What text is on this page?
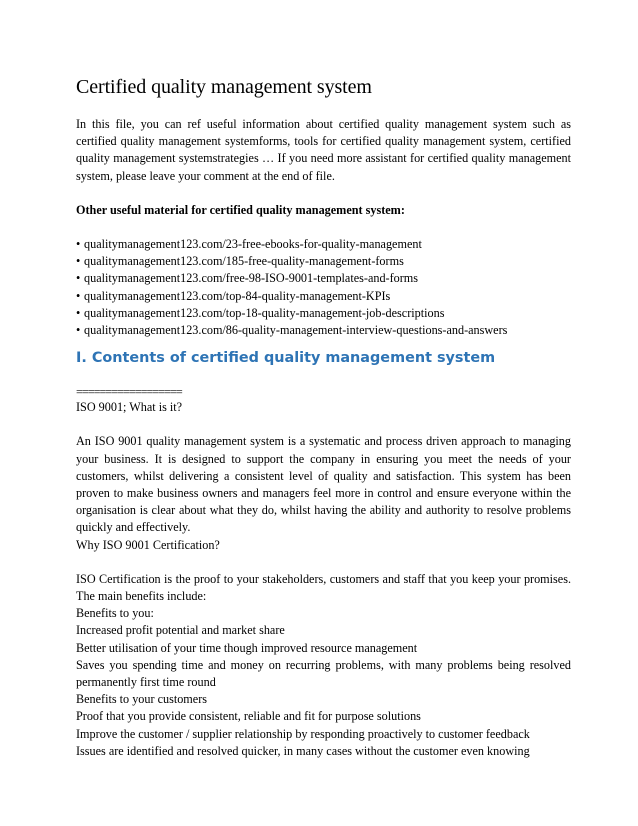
Certified quality management system

In this file, you can ref useful information about certified quality management system such as certified quality management systemforms, tools for certified quality management system, certified quality management systemstrategies … If you need more assistant for certified quality management system, please leave your comment at the end of file.

Other useful material for certified quality management system:

• qualitymanagement123.com/23-free-ebooks-for-quality-management
• qualitymanagement123.com/185-free-quality-management-forms
• qualitymanagement123.com/free-98-ISO-9001-templates-and-forms
• qualitymanagement123.com/top-84-quality-management-KPIs
• qualitymanagement123.com/top-18-quality-management-job-descriptions
• qualitymanagement123.com/86-quality-management-interview-questions-and-answers
I. Contents of certified quality management system

==================

ISO 9001; What is it?

An ISO 9001 quality management system is a systematic and process driven approach to managing your business. It is designed to support the company in ensuring you meet the needs of your customers, whilst delivering a consistent level of quality and satisfaction. This system has been proven to make business owners and managers feel more in control and ensure everyone within the organisation is clear about what they do, whilst having the ability and authority to resolve problems quickly and effectively.

Why ISO 9001 Certification?

ISO Certification is the proof to your stakeholders, customers and staff that you keep your promises. The main benefits include:

Benefits to you:

Increased profit potential and market share

Better utilisation of your time though improved resource management

Saves you spending time and money on recurring problems, with many problems being resolved permanently first time round

Benefits to your customers

Proof that you provide consistent, reliable and fit for purpose solutions

Improve the customer / supplier relationship by responding proactively to customer feedback

Issues are identified and resolved quicker, in many cases without the customer even knowing
